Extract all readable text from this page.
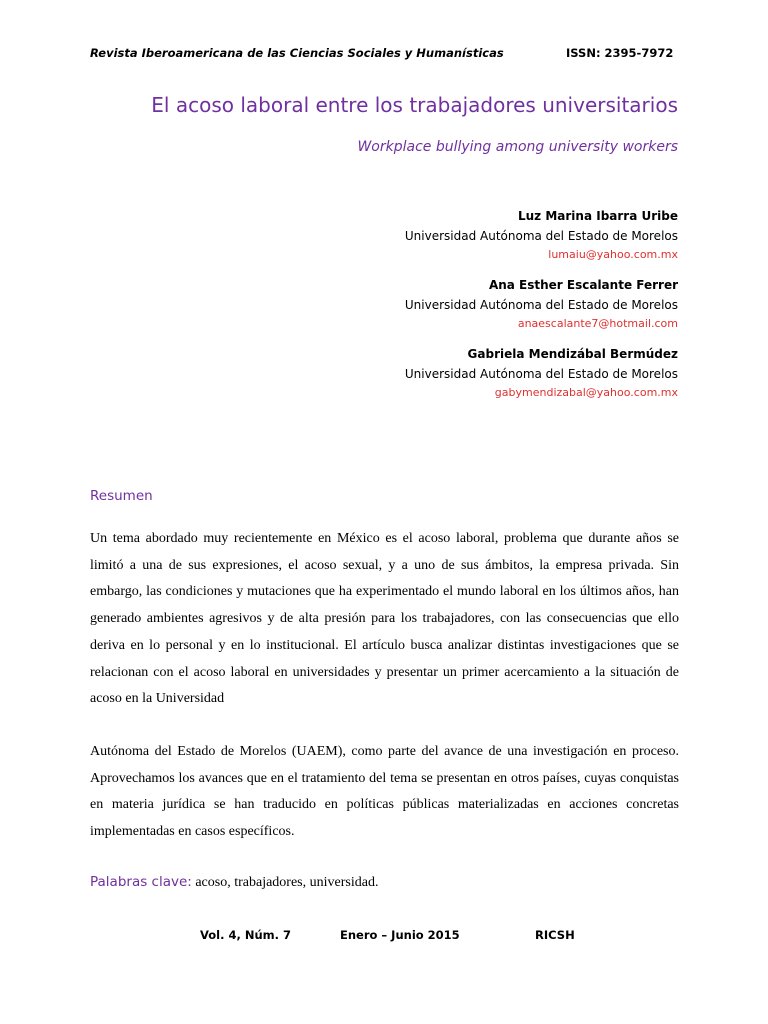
Revista Iberoamericana de las Ciencias Sociales y Humanísticas	ISSN: 2395-7972
El acoso laboral entre los trabajadores universitarios
Workplace bullying among university workers
Luz Marina Ibarra Uribe
Universidad Autónoma del Estado de Morelos
lumaiu@yahoo.com.mx
Ana Esther Escalante Ferrer
Universidad Autónoma del Estado de Morelos
anaescalante7@hotmail.com
Gabriela Mendizábal Bermúdez
Universidad Autónoma del Estado de Morelos
gabymendizabal@yahoo.com.mx
Resumen
Un tema abordado muy recientemente en México es el acoso laboral, problema que durante años se limitó a una de sus expresiones, el acoso sexual, y a uno de sus ámbitos, la empresa privada. Sin embargo, las condiciones y mutaciones que ha experimentado el mundo laboral en los últimos años, han generado ambientes agresivos y de alta presión para los trabajadores, con las consecuencias que ello deriva en lo personal y en lo institucional. El artículo busca analizar distintas investigaciones que se relacionan con el acoso laboral en universidades y presentar un primer acercamiento a la situación de acoso en la Universidad
Autónoma del Estado de Morelos (UAEM), como parte del avance de una investigación en proceso. Aprovechamos los avances que en el tratamiento del tema se presentan en otros países, cuyas conquistas en materia jurídica se han traducido en políticas públicas materializadas en acciones concretas implementadas en casos específicos.
Palabras clave: acoso, trabajadores, universidad.
Vol. 4, Núm. 7	Enero – Junio 2015	RICSH
